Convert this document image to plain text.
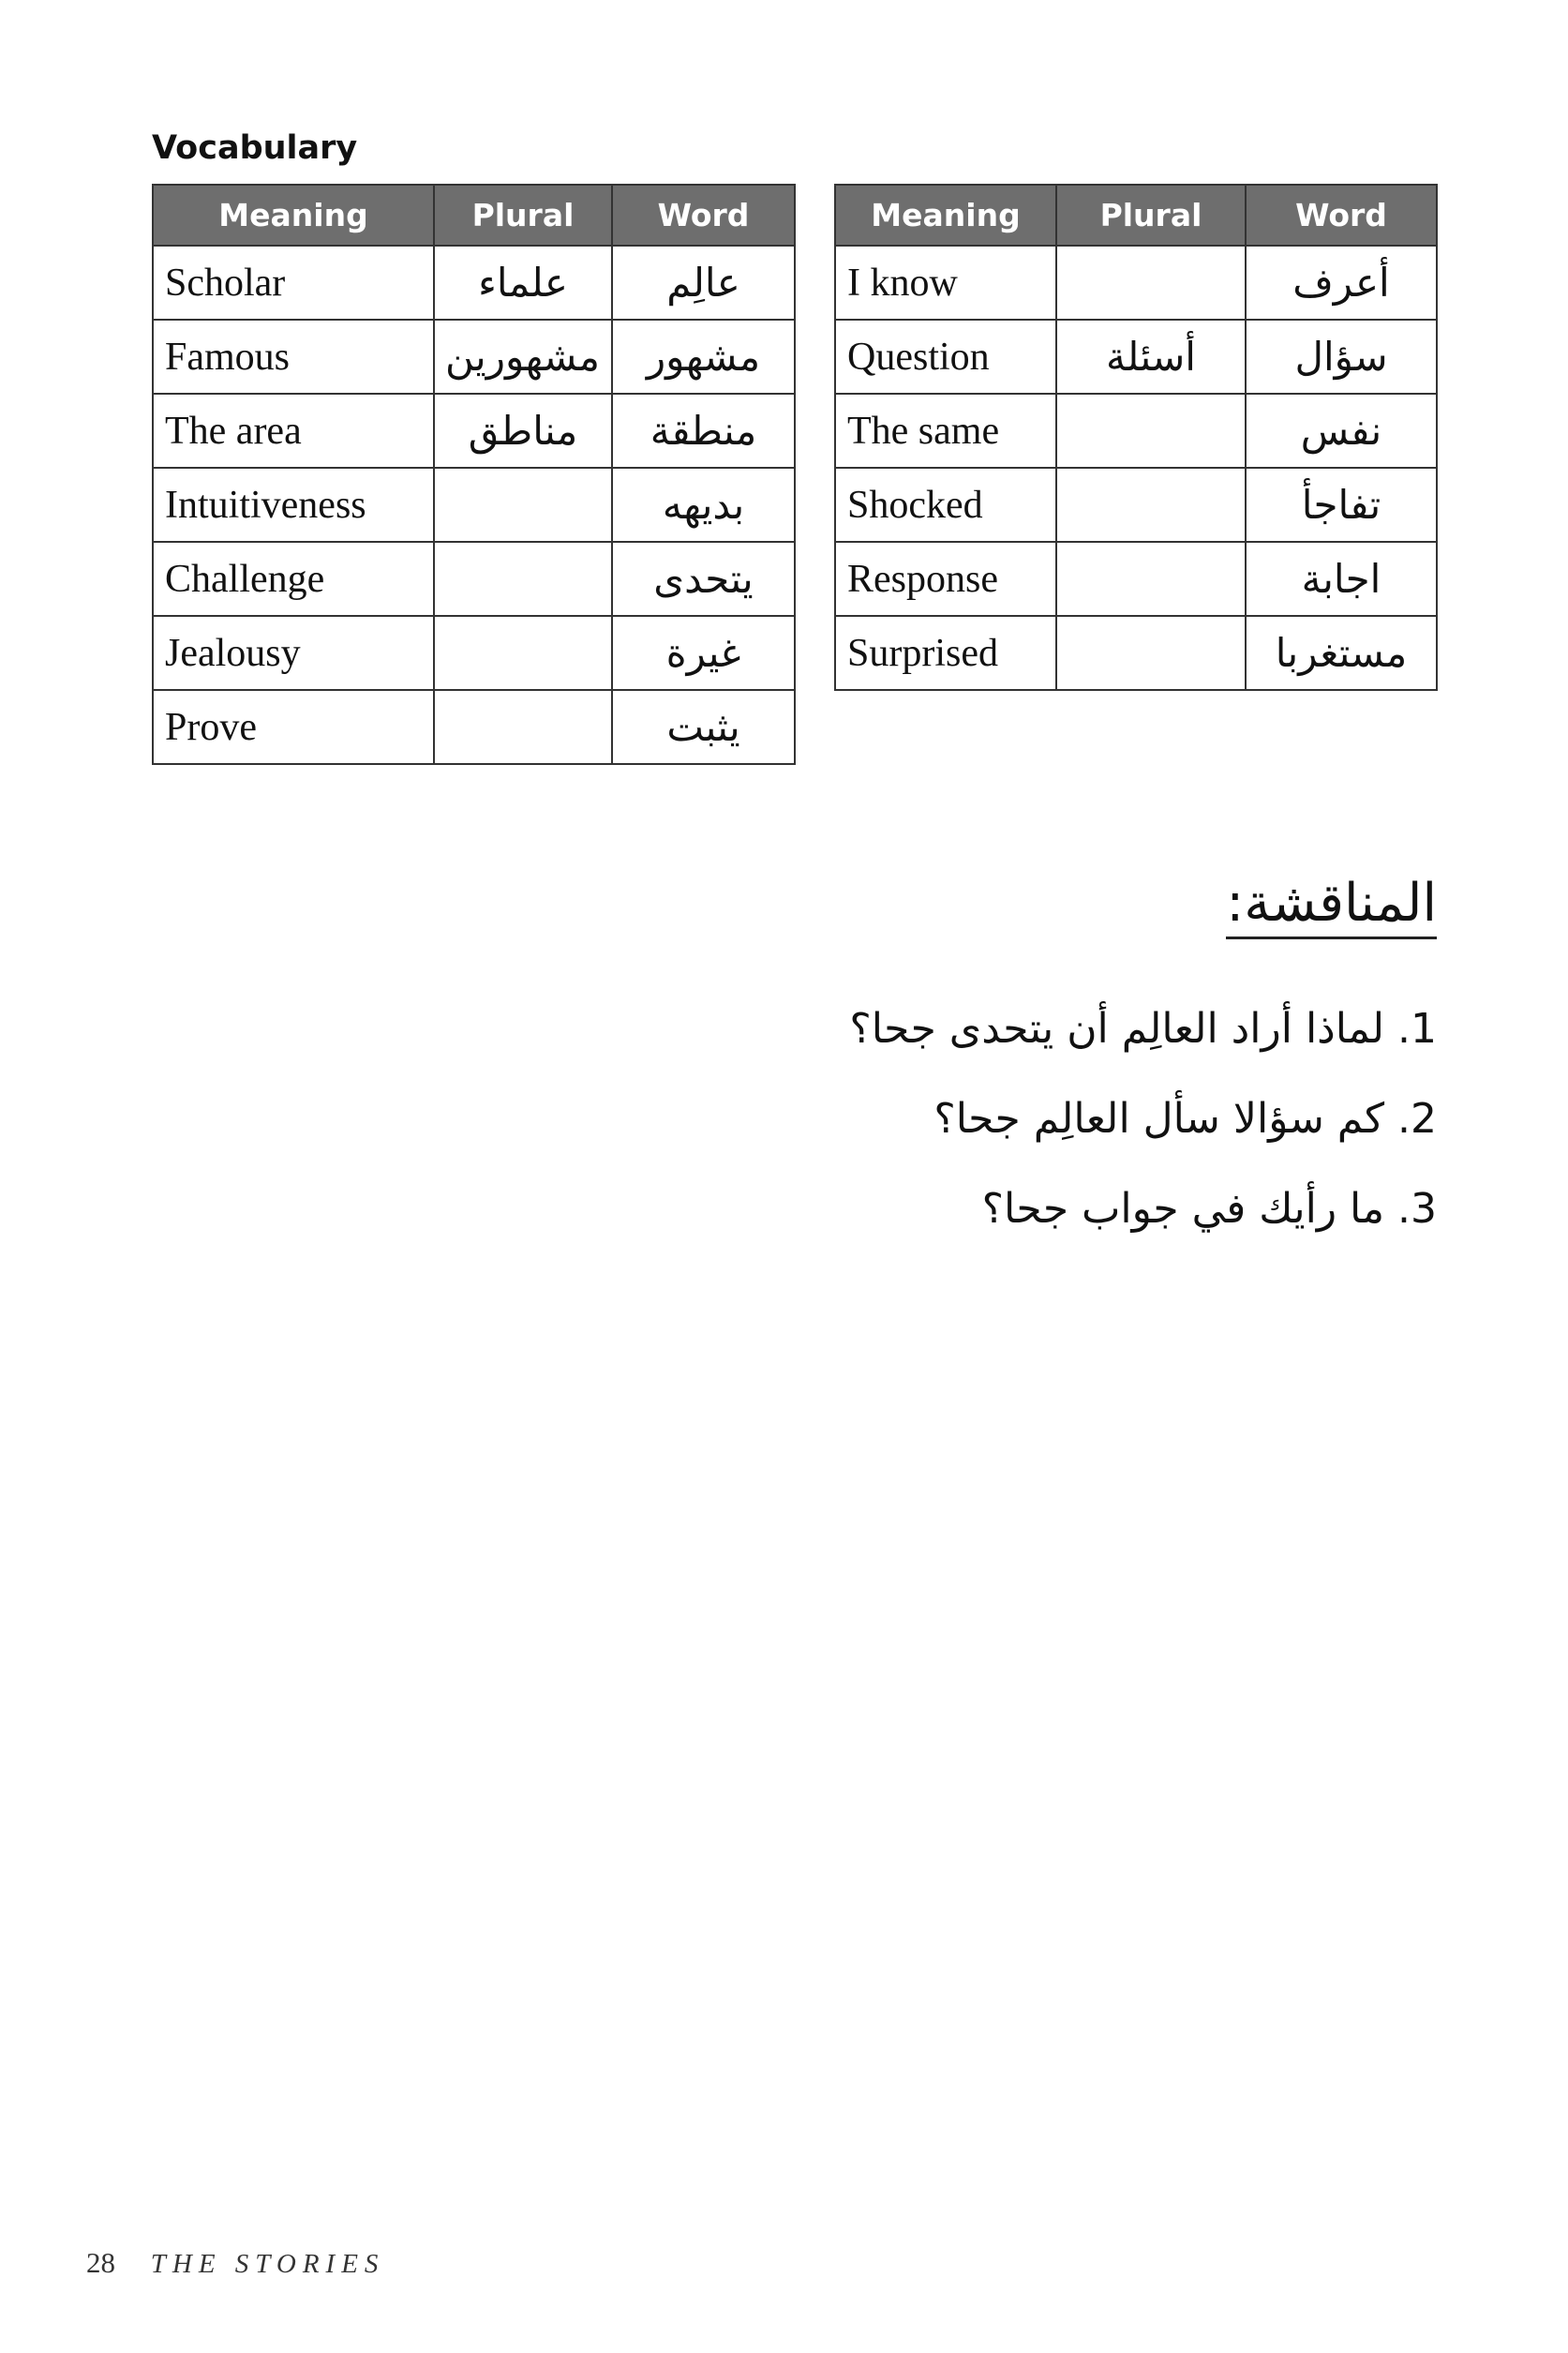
Vocabulary
Meaning	Plural	Word
Scholar	علماء	عالِم
Famous	مشهورين	مشهور
The area	مناطق	منطقة
Intuitiveness		بديهه
Challenge		يتحدى
Jealousy		غيرة
Prove		يثبت
Meaning	Plural	Word
I know		أعرف
Question	أسئلة	سؤال
The same		نفس
Shocked		تفاجأ
Response		اجابة
Surprised		مستغربا
المناقشة:
1. لماذا أراد العالِم أن يتحدى جحا؟
2. كم سؤالا سأل العالِم جحا؟
3. ما رأيك في جواب جحا؟
28 THE STORIES
